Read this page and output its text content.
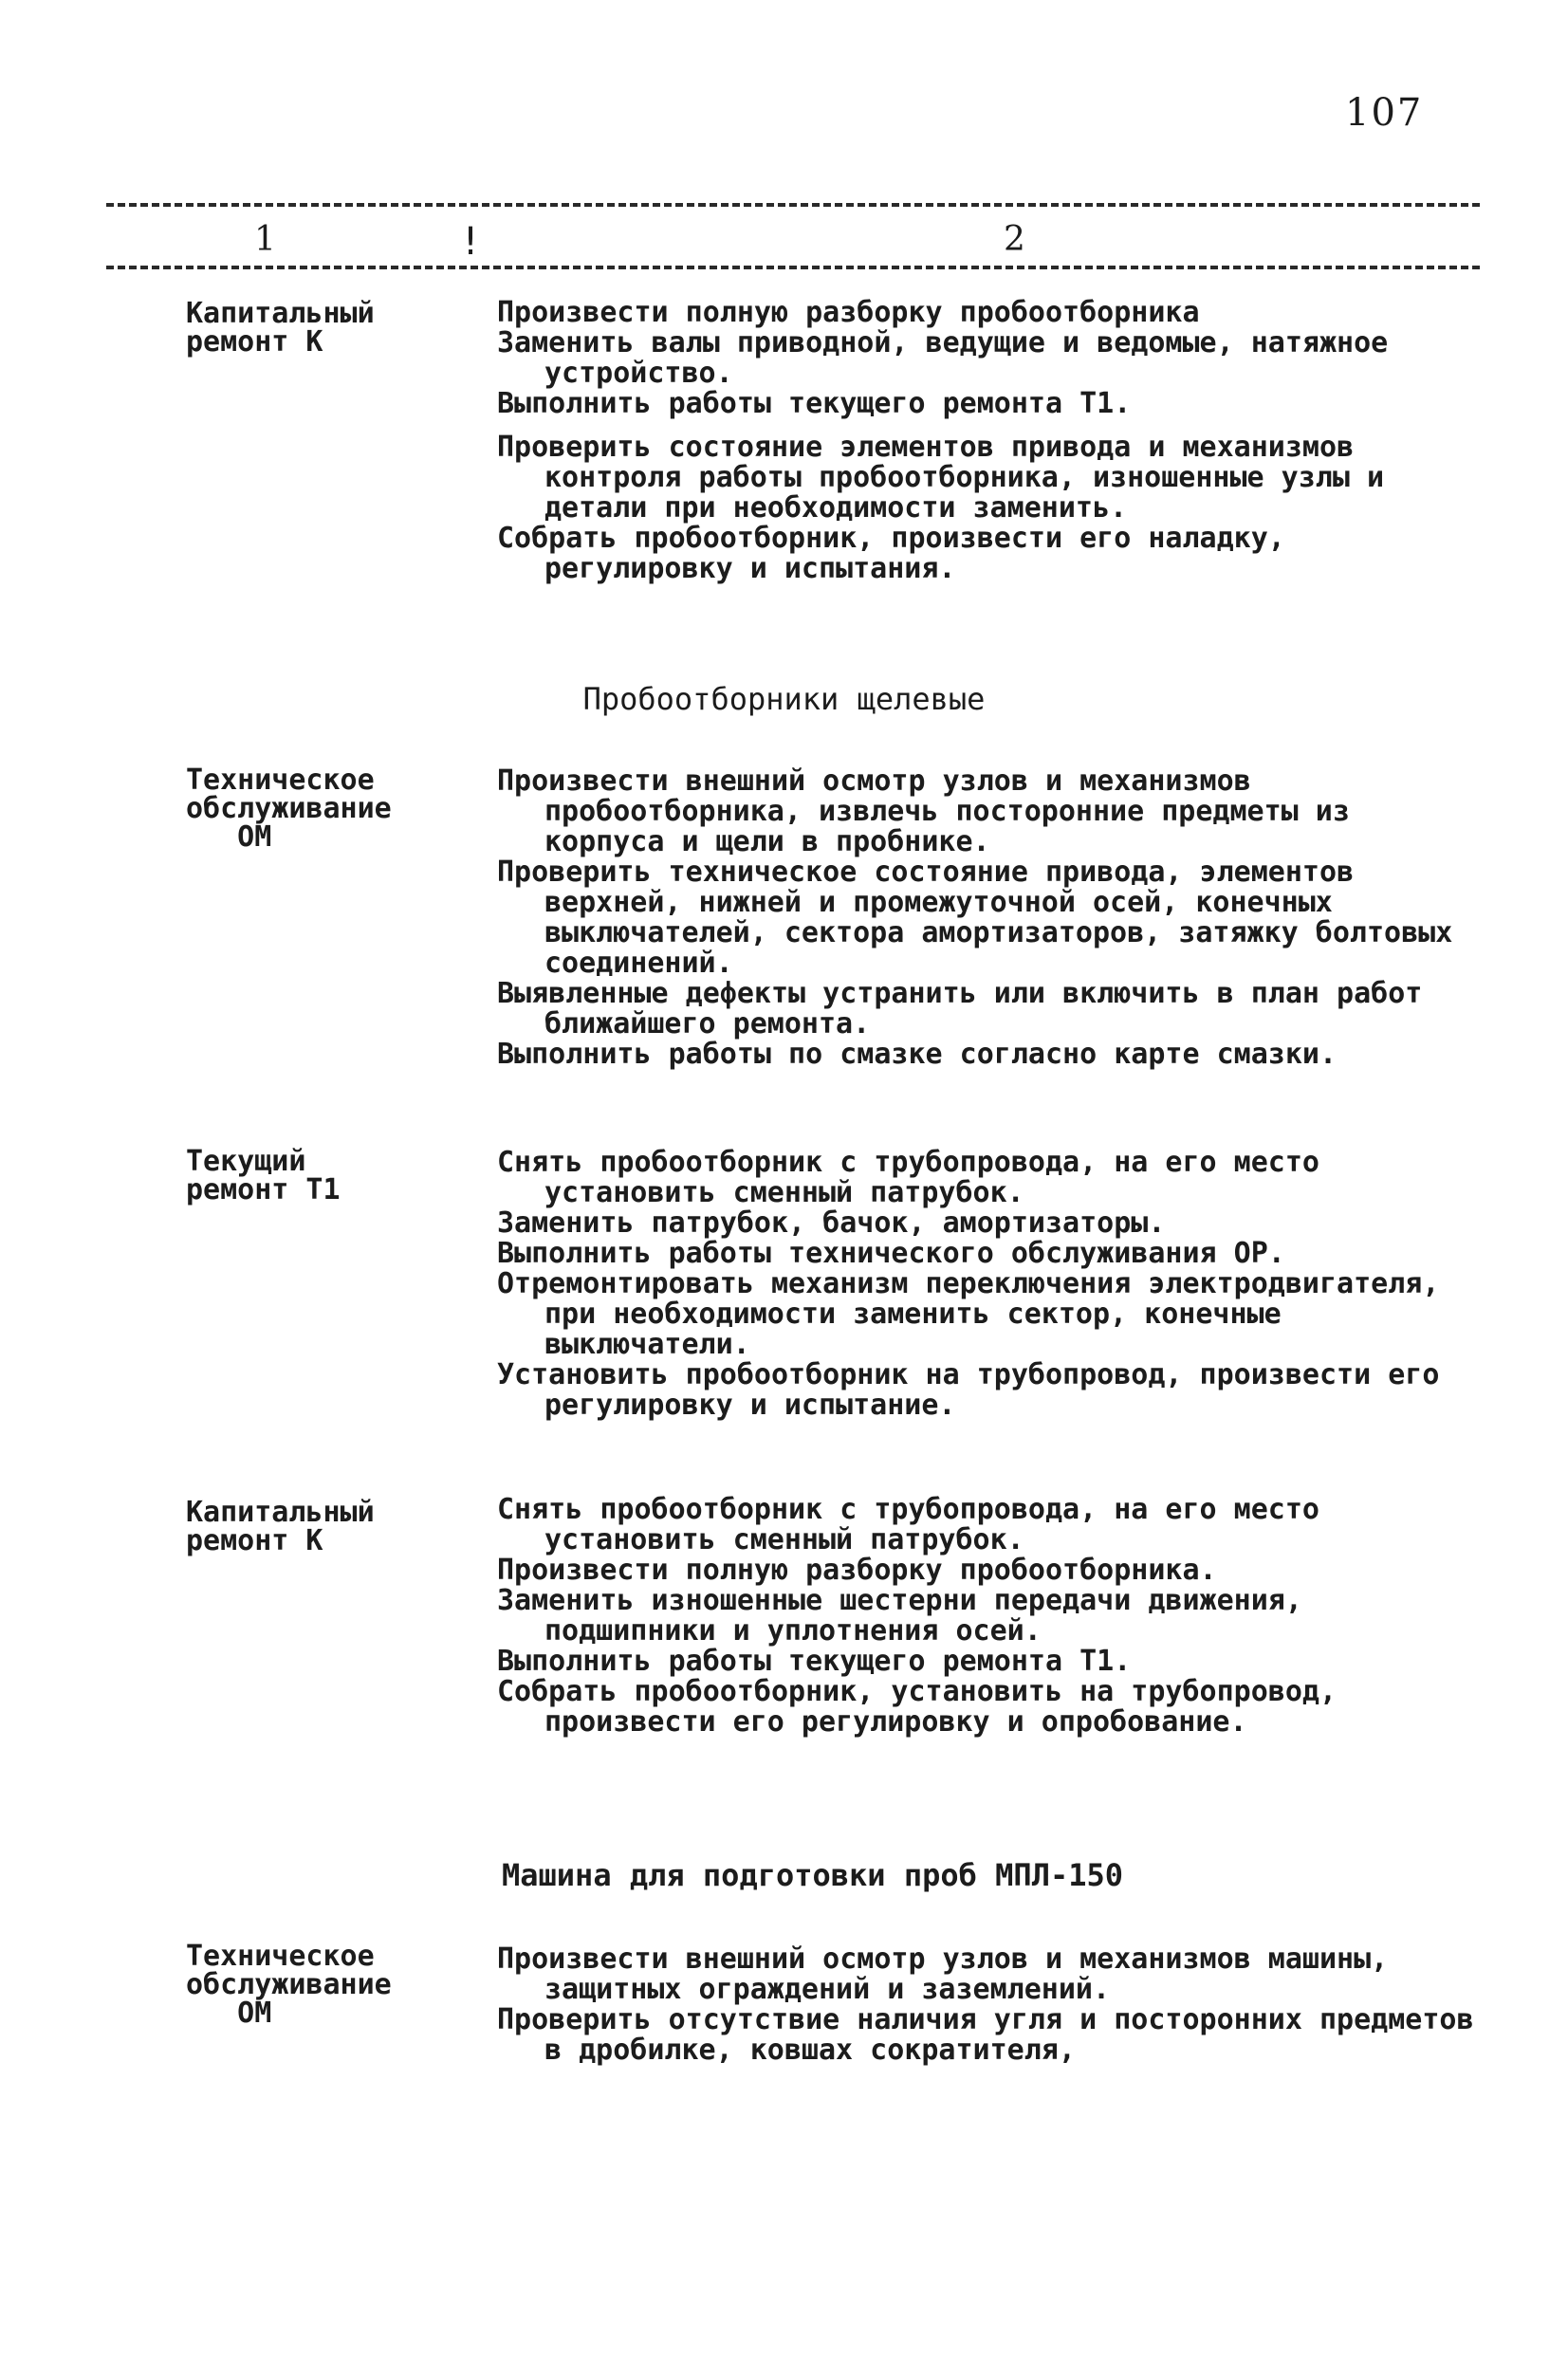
107
1	!	2
Капитальный
ремонт К

Произвести полную разборку пробоотборника

Заменить валы приводной, ведущие и ведомые, натяжное устройство.

Выполнить работы текущего ремонта Т1.

Проверить состояние элементов привода и механизмов контроля работы пробоотборника, изношенные узлы и детали при необходимости заменить.

Собрать пробоотборник, произвести его наладку, регулировку и испытания.

Пробоотборники щелевые
Техническое
обслуживание
ОМ

Произвести внешний осмотр узлов и механизмов пробоотборника, извлечь посторонние предметы из корпуса и щели в пробнике.

Проверить техническое состояние привода, элементов верхней, нижней и промежуточной осей, конечных выключателей, сектора амортизаторов, затяжку болтовых соединений.

Выявленные дефекты устранить или включить в план работ ближайшего ремонта.

Выполнить работы по смазке согласно карте смазки.

Текущий
ремонт Т1

Снять пробоотборник с трубопровода, на его место установить сменный патрубок.

Заменить патрубок, бачок, амортизаторы.

Выполнить работы технического обслуживания ОР.

Отремонтировать механизм переключения электродвигателя, при необходимости заменить сектор, конечные выключатели.

Установить пробоотборник на трубопровод, произвести его регулировку и испытание.

Капитальный
ремонт К

Снять пробоотборник с трубопровода, на его место установить сменный патрубок.

Произвести полную разборку пробоотборника.

Заменить изношенные шестерни передачи движения, подшипники и уплотнения осей.

Выполнить работы текущего ремонта Т1.

Собрать пробоотборник, установить на трубопровод, произвести его регулировку и опробование.

Машина для подготовки проб МПЛ-150
Техническое
обслуживание
ОМ

Произвести внешний осмотр узлов и механизмов машины, защитных ограждений и заземлений.

Проверить отсутствие наличия угля и посторонних предметов в дробилке, ковшах сократителя,
